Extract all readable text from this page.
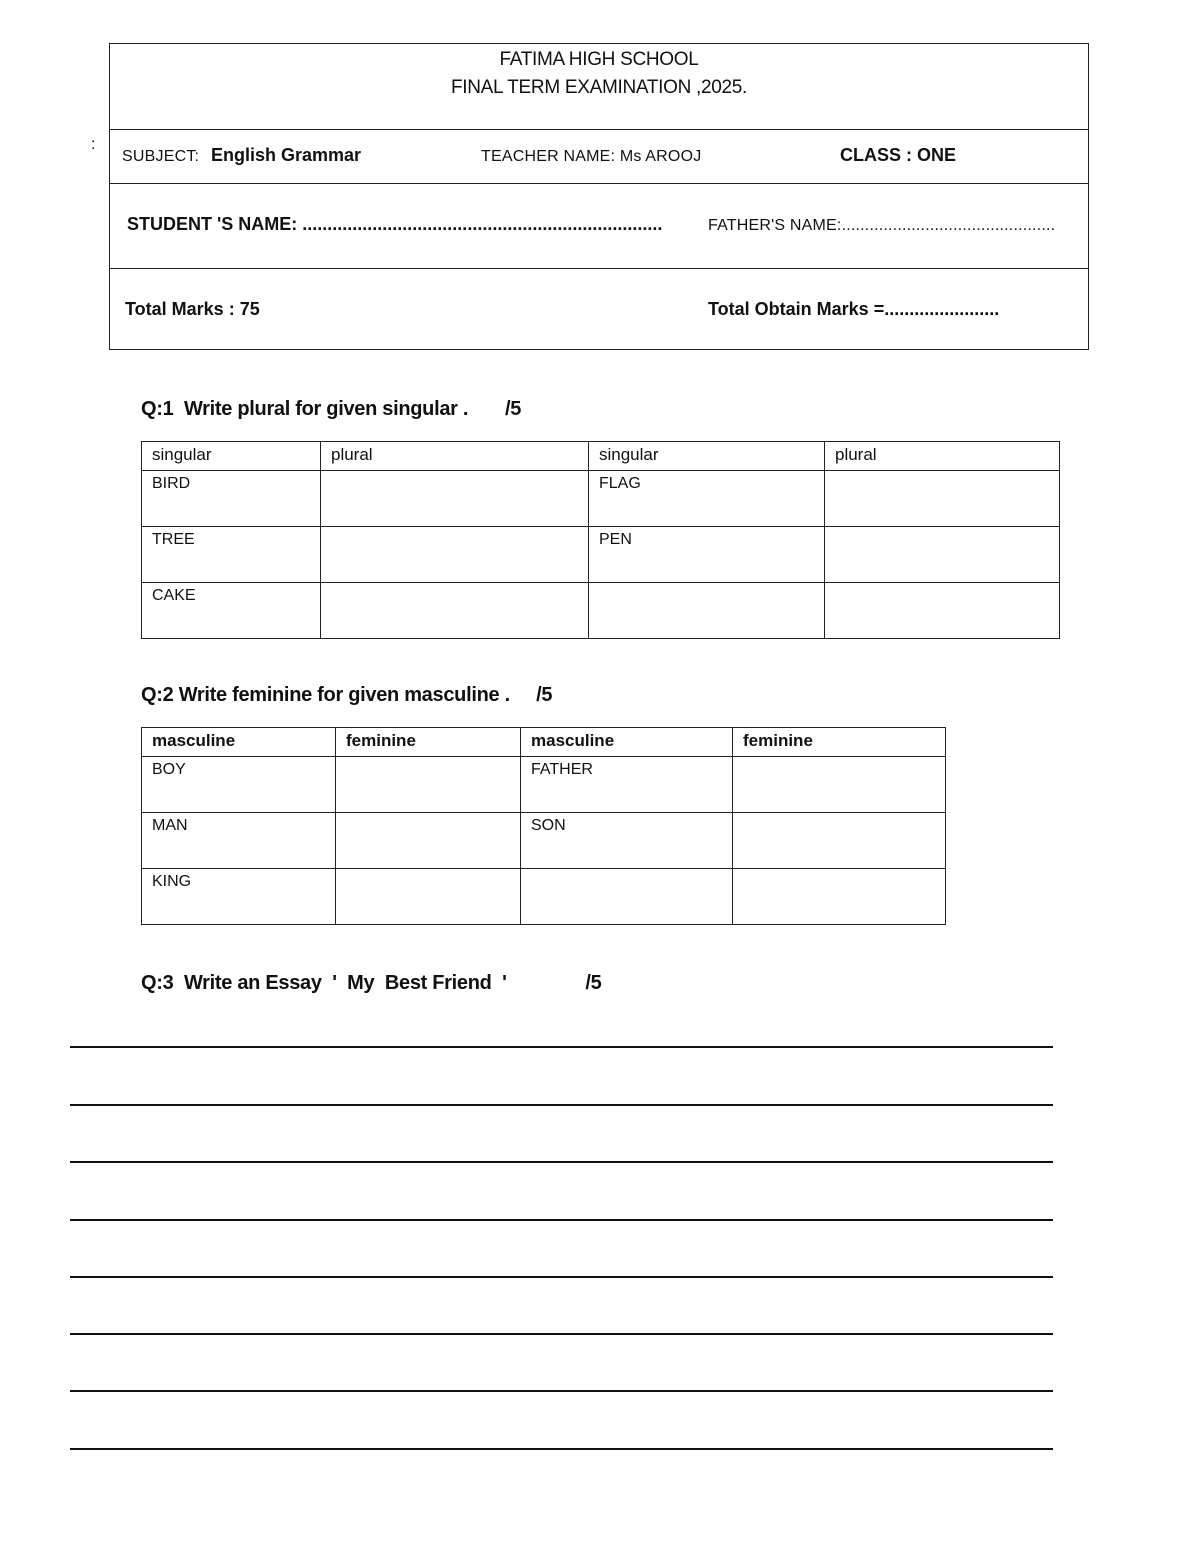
FATIMA HIGH SCHOOL
FINAL TERM EXAMINATION ,2025.
SUBJECT: English Grammar	TEACHER NAME: Ms AROOJ	CLASS : ONE
STUDENT 'S NAME: ........................................................................	FATHER'S NAME:..............................................
Total Marks : 75	Total Obtain Marks =.......................
:
Q:1  Write plural for given singular .       /5
singular	plural	singular	plural
BIRD		FLAG	
TREE		PEN	
CAKE			
Q:2 Write feminine for given masculine .     /5
masculine	feminine	masculine	feminine
BOY		FATHER	
MAN		SON	
KING			
Q:3  Write an Essay  '  My  Best Friend  '               /5
